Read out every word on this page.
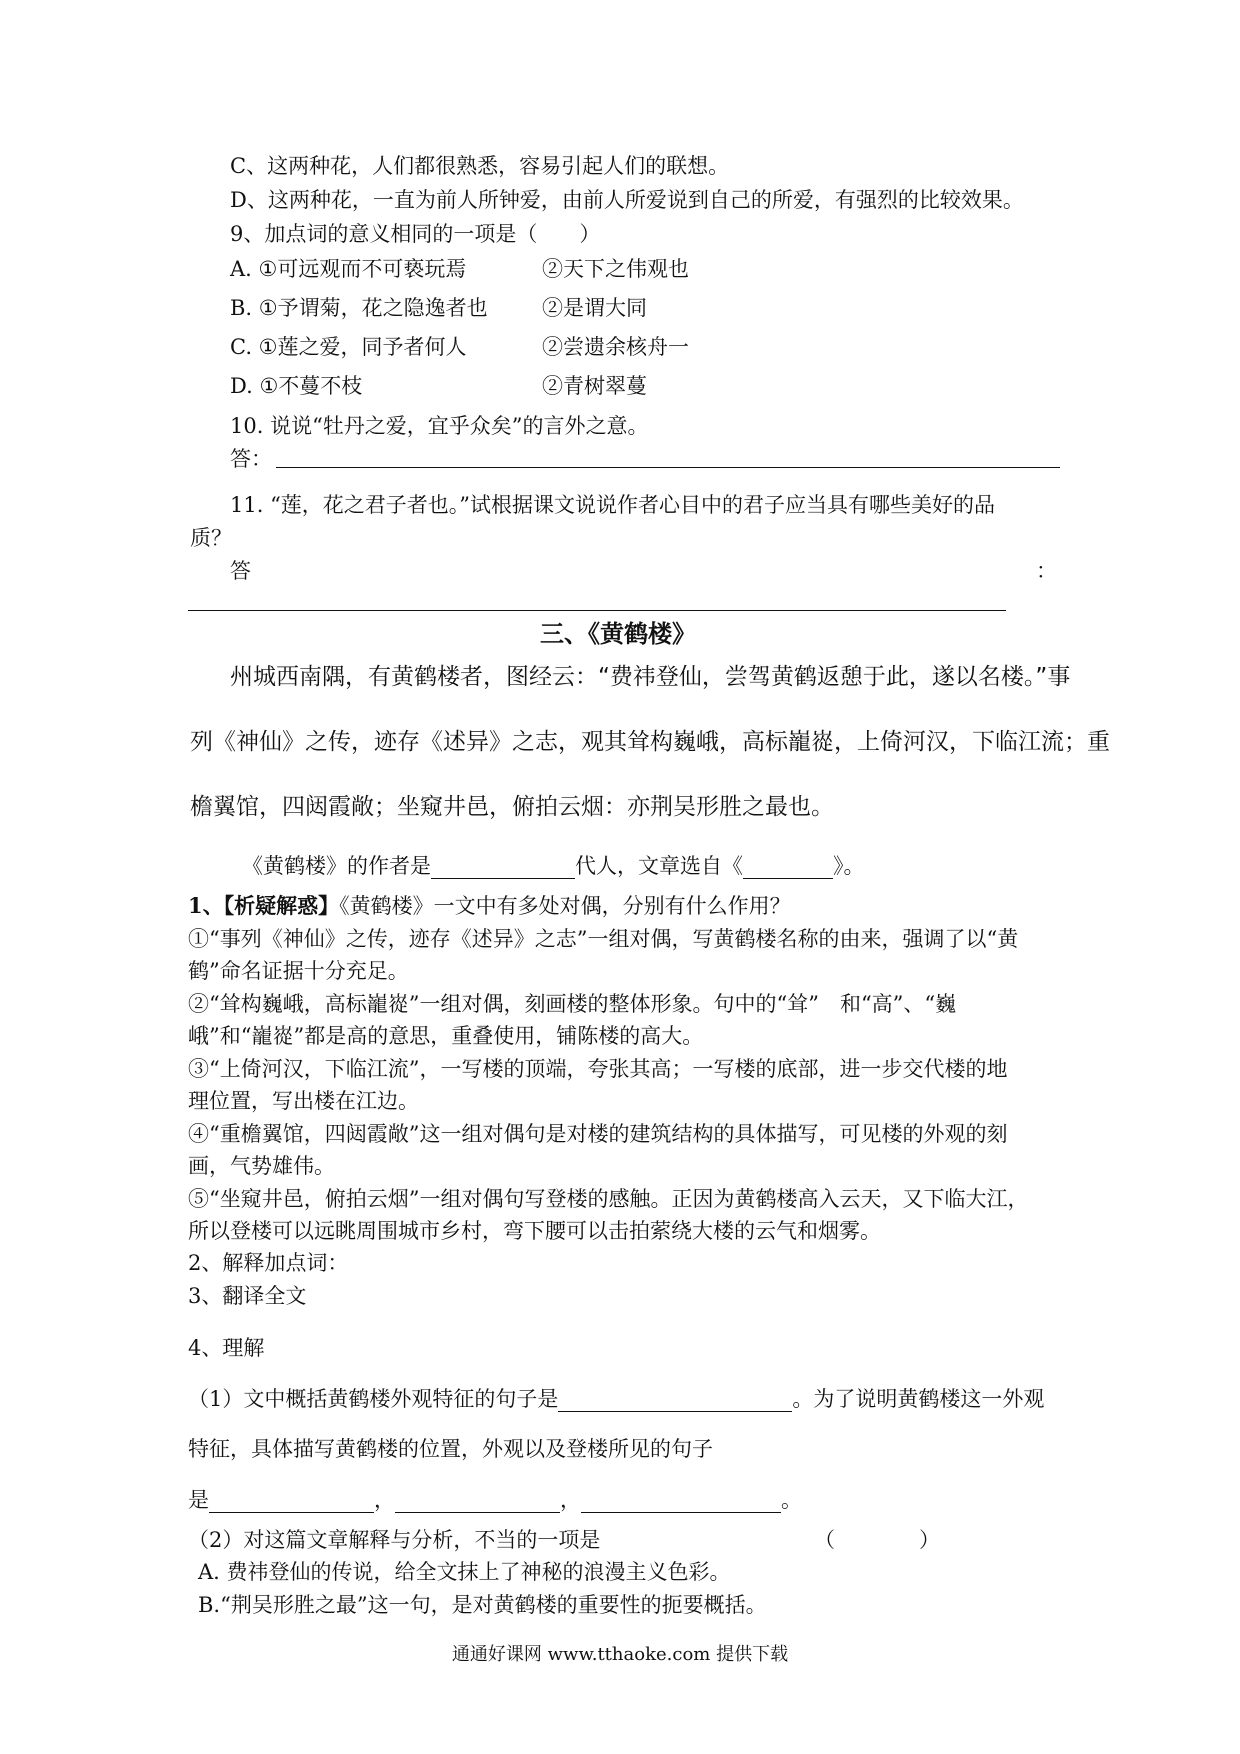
C、这两种花，人们都很熟悉，容易引起人们的联想。
D、这两种花，一直为前人所钟爱，由前人所爱说到自己的所爱，有强烈的比较效果。
9、加点词的意义相同的一项是（　　）
A. ①可远观而不可亵玩焉	②天下之伟观也
B. ①予谓菊，花之隐逸者也	②是谓大同
C. ①莲之爱，同予者何人	②尝遗余核舟一
D. ①不蔓不枝	②青树翠蔓
10. 说说“牡丹之爱，宜乎众矣”的言外之意。
答：
11. “莲，花之君子者也。”试根据课文说说作者心目中的君子应当具有哪些美好的品
质？
答	：
三、《黄鹤楼》
州城西南隅，有黄鹤楼者，图经云：“费祎登仙，尝驾黄鹤返憩于此，遂以名楼。”事
列《神仙》之传，迹存《述异》之志，观其耸构巍峨，高标巃嵸，上倚河汉，下临江流；重
檐翼馆，四闼霞敞；坐窥井邑，俯拍云烟：亦荆吴形胜之最也。
《黄鹤楼》的作者是	代人，文章选自《	》。
1、【析疑解惑】《黄鹤楼》一文中有多处对偶，分别有什么作用？
①“事列《神仙》之传，迹存《述异》之志”一组对偶，写黄鹤楼名称的由来，强调了以“黄
鹤”命名证据十分充足。
②“耸构巍峨，高标巃嵸”一组对偶，刻画楼的整体形象。句中的“耸”　和“高”、“巍
峨”和“巃嵸”都是高的意思，重叠使用，铺陈楼的高大。
③“上倚河汉，下临江流”，一写楼的顶端，夸张其高；一写楼的底部，进一步交代楼的地
理位置，写出楼在江边。
④“重檐翼馆，四闼霞敞”这一组对偶句是对楼的建筑结构的具体描写，可见楼的外观的刻
画，气势雄伟。
⑤“坐窥井邑，俯拍云烟”一组对偶句写登楼的感触。正因为黄鹤楼高入云天，又下临大江，
所以登楼可以远眺周围城市乡村，弯下腰可以击拍萦绕大楼的云气和烟雾。
2、解释加点词：
3、翻译全文
4、理解
（1）文中概括黄鹤楼外观特征的句子是	。为了说明黄鹤楼这一外观
特征，具体描写黄鹤楼的位置，外观以及登楼所见的句子
是	，	，	。
（2）对这篇文章解释与分析，不当的一项是	（　　　　）
A. 费祎登仙的传说，给全文抹上了神秘的浪漫主义色彩。
B.“荆吴形胜之最”这一句，是对黄鹤楼的重要性的扼要概括。
通通好课网 www.tthaoke.com 提供下载
